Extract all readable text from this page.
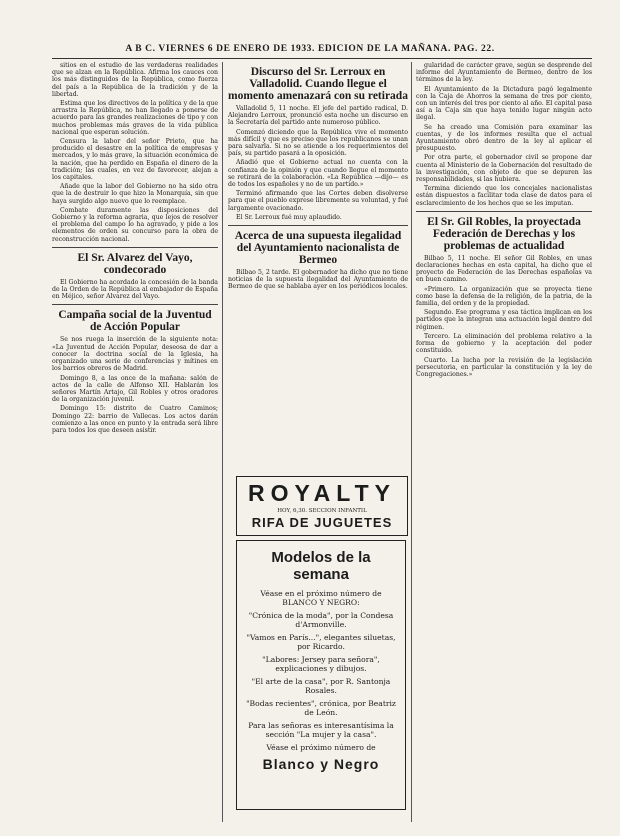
A B C. VIERNES 6 DE ENERO DE 1933. EDICION DE LA MAÑANA. PAG. 22.

sitios en el estudio de las verdaderas realidades que se alzan en la República. Afirma los cauces con los más distinguidos de la República, como fuerza del país a la República de la tradición y de la libertad.

Estima que los directivos de la política y de la que arrastra la República, no han llegado a ponerse de acuerdo para las grandes realizaciones de tipo y con muchos problemas más graves de la vida pública nacional que esperan solución.

Censura la labor del señor Prieto, que ha producido el desastre en la política de empresas y mercados, y lo más grave, la situación económica de la nación, que ha perdido en España el dinero de la tradición; las cuales, en vez de favorecer, alejan a los capitales.

Añade que la labor del Gobierno no ha sido otra que la de destruir lo que hizo la Monarquía, sin que haya surgido algo nuevo que lo reemplace.

Combate duramente las disposiciones del Gobierno y la reforma agraria, que lejos de resolver el problema del campo lo ha agravado, y pide a los elementos de orden su concurso para la obra de reconstrucción nacional.

El Sr. Alvarez del Vayo, condecorado

El Gobierno ha acordado la concesión de la banda de la Orden de la República al embajador de España en Méjico, señor Alvarez del Vayo.

Campaña social de la Juventud de Acción Popular

Se nos ruega la inserción de la siguiente nota: «La Juventud de Acción Popular, deseosa de dar a conocer la doctrina social de la Iglesia, ha organizado una serie de conferencias y mítines en los barrios obreros de Madrid.

Domingo 8, a las once de la mañana: salón de actos de la calle de Alfonso XII. Hablarán los señores Martín Artajo, Gil Robles y otros oradores de la organización juvenil.

Domingo 15: distrito de Cuatro Caminos; Domingo 22: barrio de Vallecas. Los actos darán comienzo a las once en punto y la entrada será libre para todos los que deseen asistir.

Discurso del Sr. Lerroux en Valladolid. Cuando llegue el momento amenazará con su retirada

Valladolid 5, 11 noche. El jefe del partido radical, D. Alejandro Lerroux, pronunció esta noche un discurso en la Secretaría del partido ante numeroso público.

Comenzó diciendo que la República vive el momento más difícil y que es preciso que los republicanos se unan para salvarla. Si no se atiende a los requerimientos del país, su partido pasará a la oposición.

Añadió que el Gobierno actual no cuenta con la confianza de la opinión y que cuando llegue el momento se retirará de la colaboración. «La República —dijo— es de todos los españoles y no de un partido.»

Terminó afirmando que las Cortes deben disolverse para que el pueblo exprese libremente su voluntad, y fué largamente ovacionado.

El Sr. Lerroux fué muy aplaudido.

Acerca de una supuesta ilegalidad del Ayuntamiento nacionalista de Bermeo

Bilbao 5, 2 tarde. El gobernador ha dicho que no tiene noticias de la supuesta ilegalidad del Ayuntamiento de Bermeo de que se hablaba ayer en los periódicos locales.

ROYALTY
HOY, 6,30. SECCION INFANTIL
RIFA DE JUGUETES
Modelos de la semana
Véase en el próximo número de BLANCO Y NEGRO:
"Crónica de la moda", por la Condesa d'Armonville.
"Vamos en París...", elegantes siluetas, por Ricardo.
"Labores: Jersey para señora", explicaciones y dibujos.
"El arte de la casa", por R. Santonja Rosales.
"Bodas recientes", crónica, por Beatriz de León.
Para las señoras es interesantísima la sección "La mujer y la casa".
Véase el próximo número de
Blanco y Negro

gularidad de carácter grave, según se desprende del informe del Ayuntamiento de Bermeo, dentro de los términos de la ley.

El Ayuntamiento de la Dictadura pagó legalmente con la Caja de Ahorros la semana de tres por ciento, con un interés del tres por ciento al año. El capital pasa así a la Caja sin que haya tenido lugar ningún acto ilegal.

Se ha creado una Comisión para examinar las cuentas, y de los informes resulta que el actual Ayuntamiento obró dentro de la ley al aplicar el presupuesto.

Por otra parte, el gobernador civil se propone dar cuenta al Ministerio de la Gobernación del resultado de la investigación, con objeto de que se depuren las responsabilidades, si las hubiera.

Termina diciendo que los concejales nacionalistas están dispuestos a facilitar toda clase de datos para el esclarecimiento de los hechos que se les imputan.

El Sr. Gil Robles, la proyectada Federación de Derechas y los problemas de actualidad

Bilbao 5, 11 noche. El señor Gil Robles, en unas declaraciones hechas en esta capital, ha dicho que el proyecto de Federación de las Derechas españolas va en buen camino.

«Primero. La organización que se proyecta tiene como base la defensa de la religión, de la patria, de la familia, del orden y de la propiedad.

Segundo. Ese programa y esa táctica implican en los partidos que la integran una actuación legal dentro del régimen.

Tercero. La eliminación del problema relativo a la forma de gobierno y la aceptación del poder constituido.

Cuarto. La lucha por la revisión de la legislación persecutoria, en particular la constitución y la ley de Congregaciones.»
